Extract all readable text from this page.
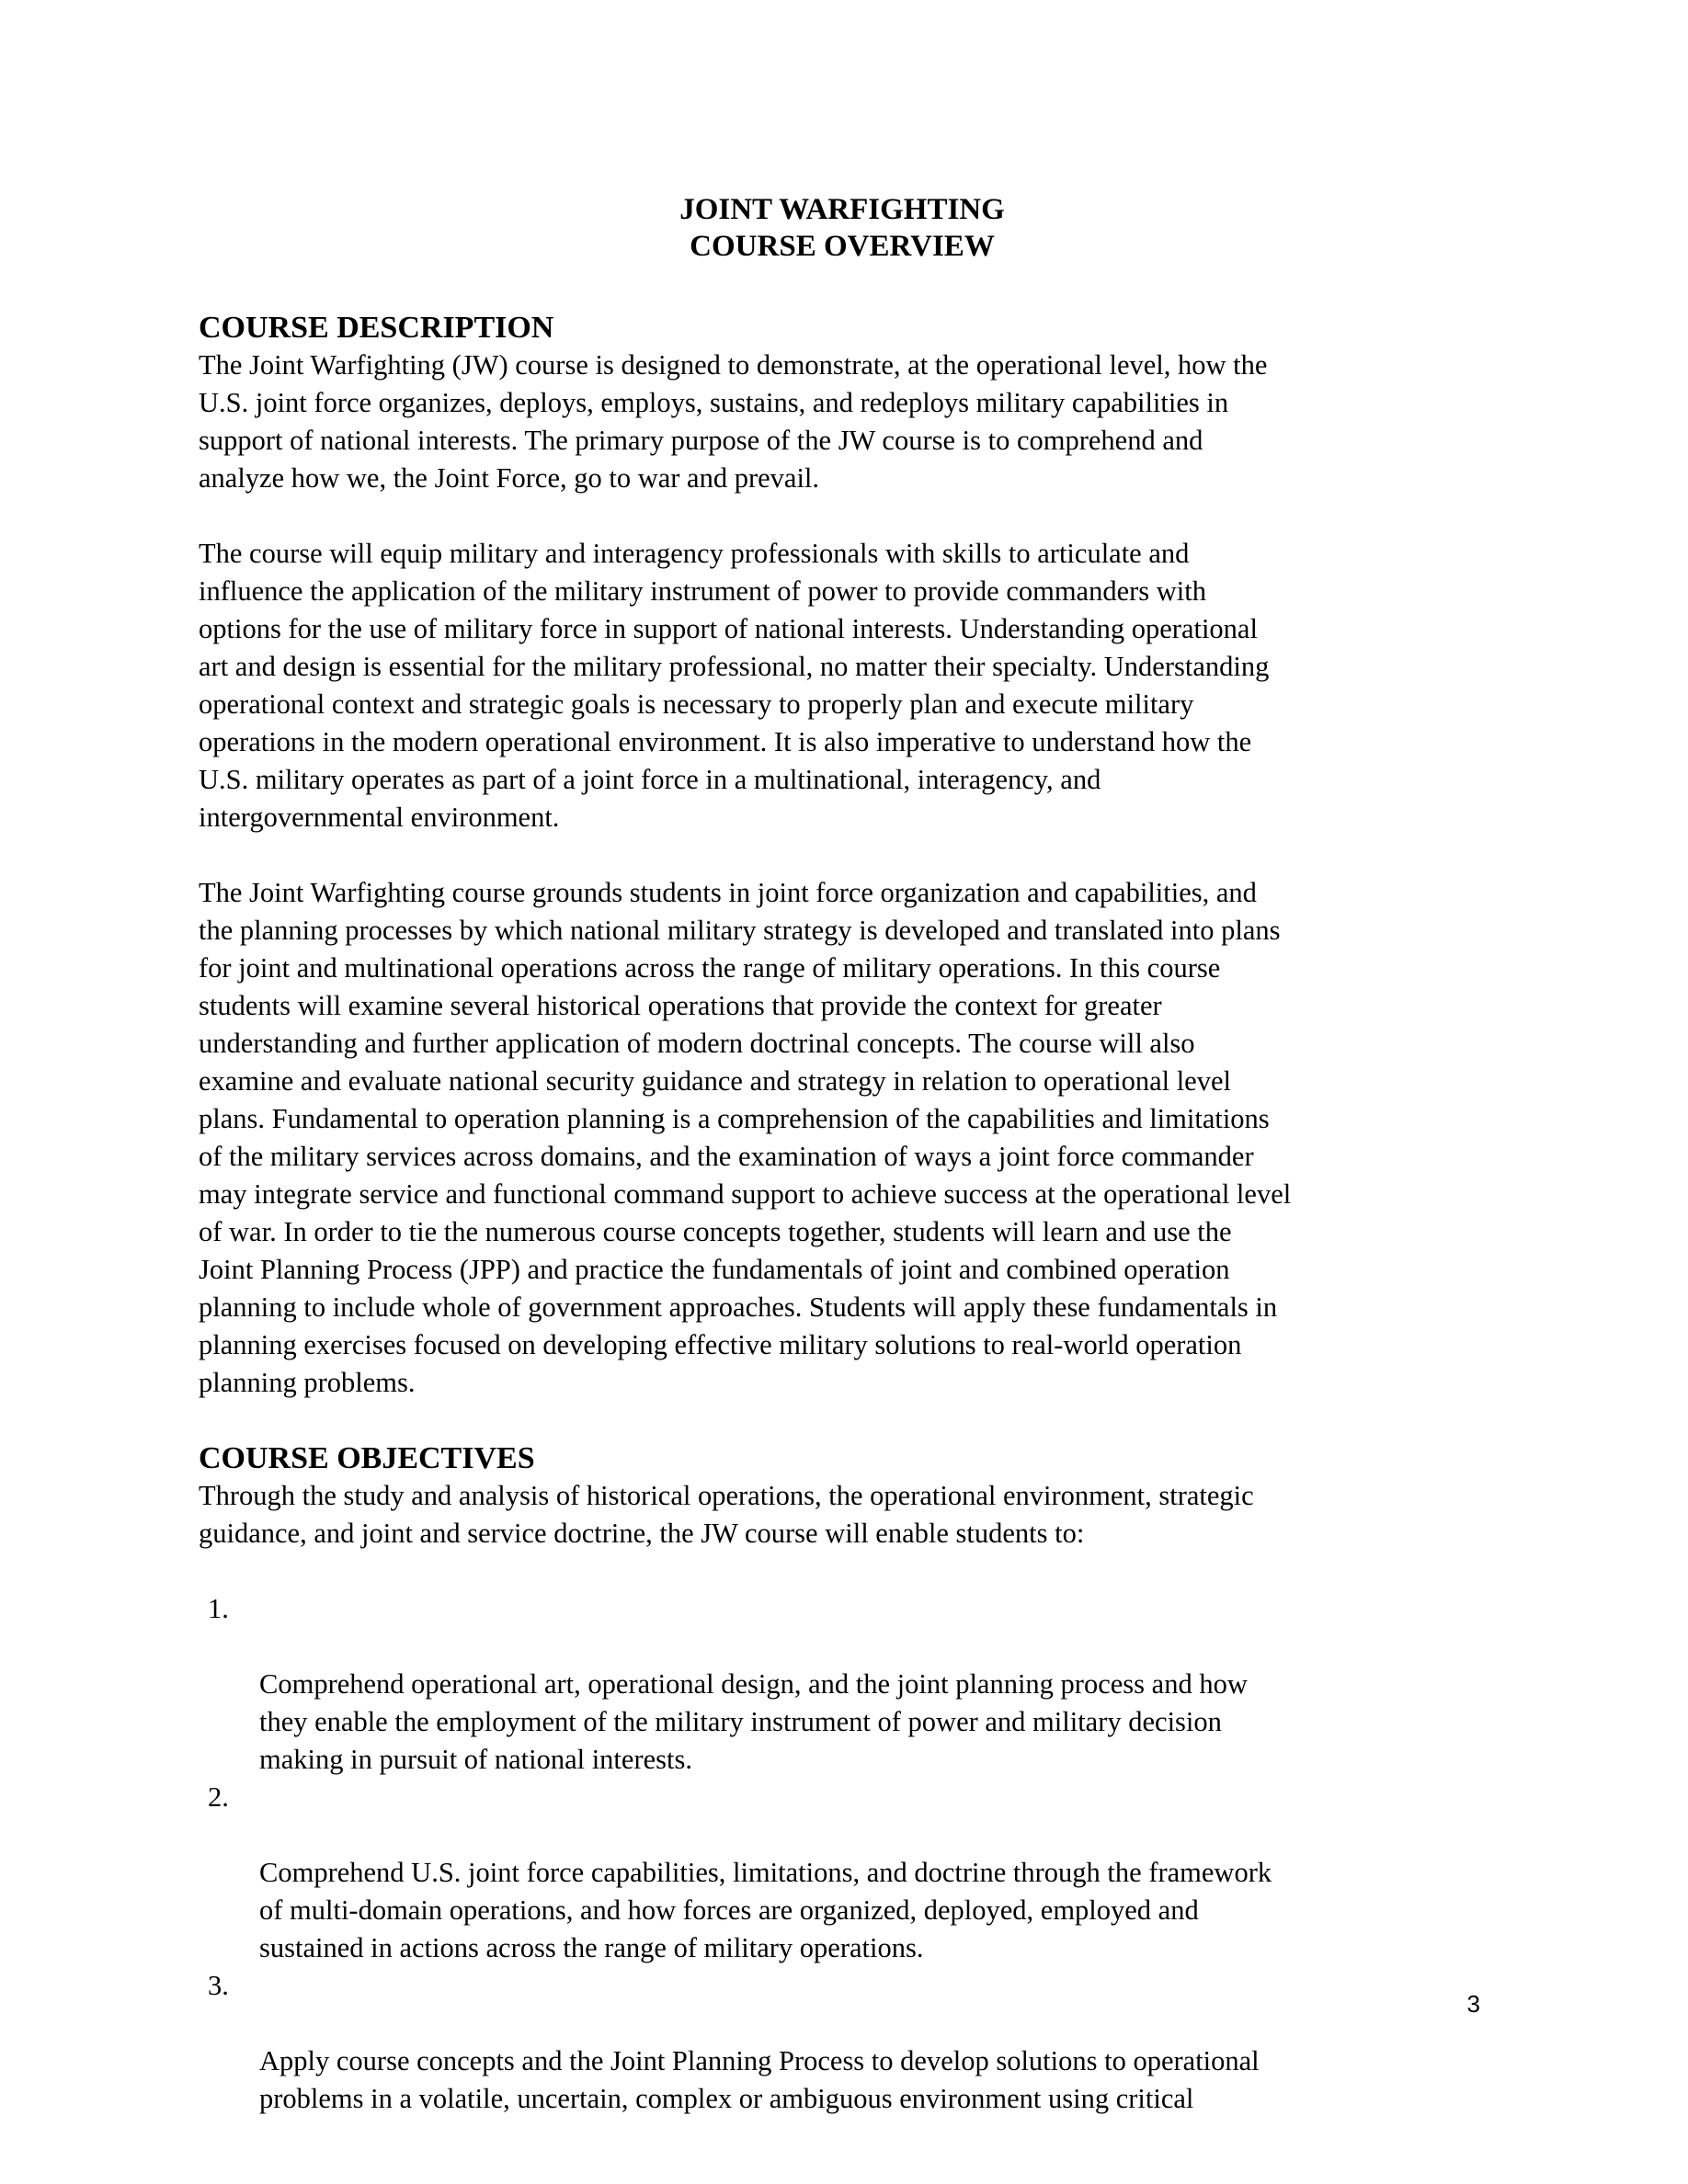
JOINT WARFIGHTING
COURSE OVERVIEW
COURSE DESCRIPTION

The Joint Warfighting (JW) course is designed to demonstrate, at the operational level, how the
U.S. joint force organizes, deploys, employs, sustains, and redeploys military capabilities in
support of national interests. The primary purpose of the JW course is to comprehend and
analyze how we, the Joint Force, go to war and prevail.

The course will equip military and interagency professionals with skills to articulate and
influence the application of the military instrument of power to provide commanders with
options for the use of military force in support of national interests. Understanding operational
art and design is essential for the military professional, no matter their specialty. Understanding
operational context and strategic goals is necessary to properly plan and execute military
operations in the modern operational environment. It is also imperative to understand how the
U.S. military operates as part of a joint force in a multinational, interagency, and
intergovernmental environment.

The Joint Warfighting course grounds students in joint force organization and capabilities, and
the planning processes by which national military strategy is developed and translated into plans
for joint and multinational operations across the range of military operations. In this course
students will examine several historical operations that provide the context for greater
understanding and further application of modern doctrinal concepts. The course will also
examine and evaluate national security guidance and strategy in relation to operational level
plans. Fundamental to operation planning is a comprehension of the capabilities and limitations
of the military services across domains, and the examination of ways a joint force commander
may integrate service and functional command support to achieve success at the operational level
of war. In order to tie the numerous course concepts together, students will learn and use the
Joint Planning Process (JPP) and practice the fundamentals of joint and combined operation
planning to include whole of government approaches. Students will apply these fundamentals in
planning exercises focused on developing effective military solutions to real-world operation
planning problems.

COURSE OBJECTIVES

Through the study and analysis of historical operations, the operational environment, strategic
guidance, and joint and service doctrine, the JW course will enable students to:

1.

Comprehend operational art, operational design, and the joint planning process and how
they enable the employment of the military instrument of power and military decision
making in pursuit of national interests.

2.

Comprehend U.S. joint force capabilities, limitations, and doctrine through the framework
of multi-domain operations, and how forces are organized, deployed, employed and
sustained in actions across the range of military operations.

3.

Apply course concepts and the Joint Planning Process to develop solutions to operational
problems in a volatile, uncertain, complex or ambiguous environment using critical

3
